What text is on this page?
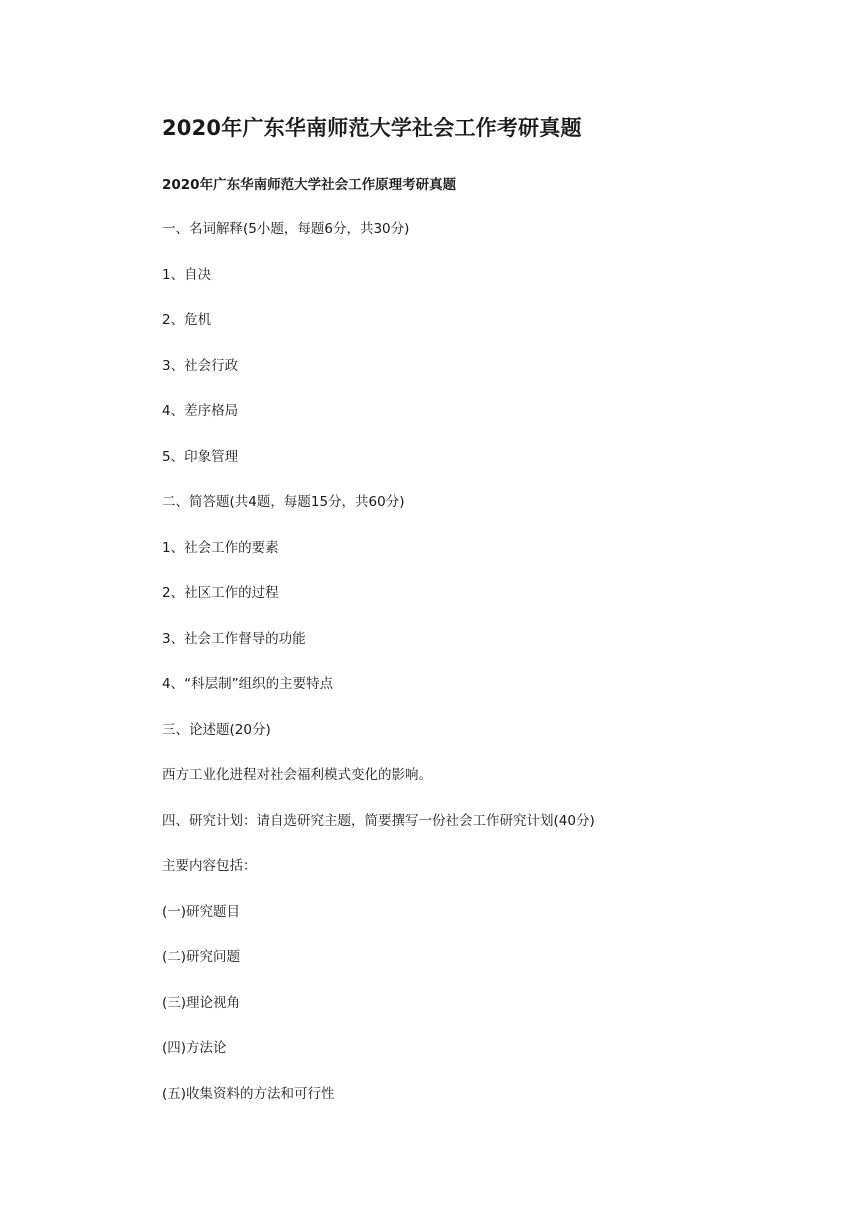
2020年广东华南师范大学社会工作考研真题
2020年广东华南师范大学社会工作原理考研真题

一、名词解释(5小题，每题6分，共30分)

1、自决

2、危机

3、社会行政

4、差序格局

5、印象管理

二、简答题(共4题，每题15分，共60分)

1、社会工作的要素

2、社区工作的过程

3、社会工作督导的功能

4、“科层制”组织的主要特点

三、论述题(20分)

西方工业化进程对社会福利模式变化的影响。

四、研究计划：请自选研究主题，简要撰写一份社会工作研究计划(40分)

主要内容包括：

(一)研究题目

(二)研究问题

(三)理论视角

(四)方法论

(五)收集资料的方法和可行性
